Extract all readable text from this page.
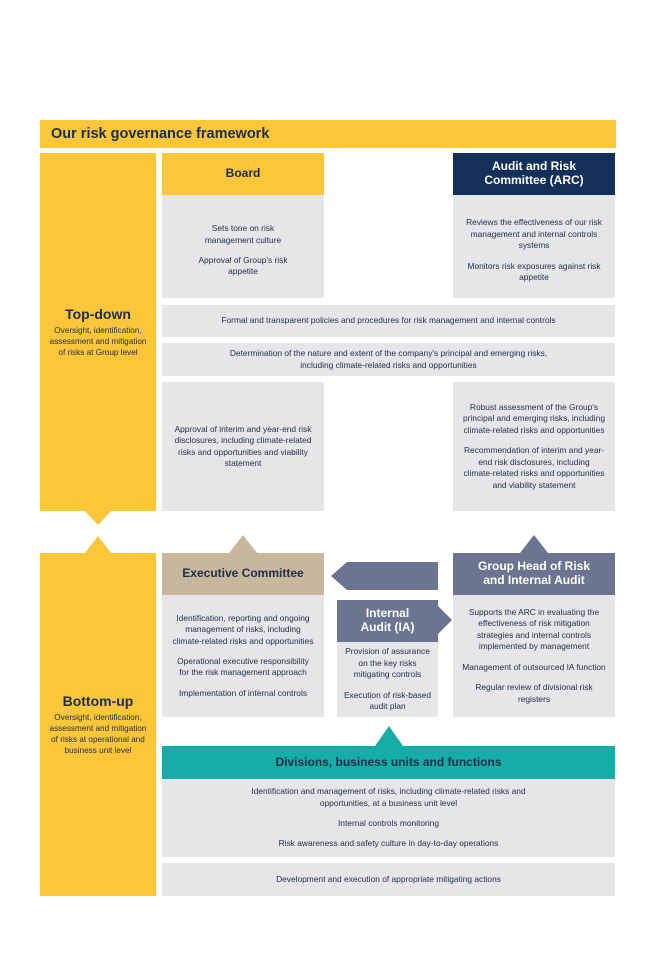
Our risk governance framework
Top-down
Oversight, identification, assessment and mitigation of risks at Group level
Bottom-up
Oversight, identification, assessment and mitigation of risks at operational and business unit level
Board

Sets tone on risk management culture

Approval of Group's risk appetite

Audit and Risk Committee (ARC)

Reviews the effectiveness of our risk management and internal controls systems

Monitors risk exposures against risk appetite

Formal and transparent policies and procedures for risk management and internal controls
Determination of the nature and extent of the company's principal and emerging risks, including climate-related risks and opportunities

Approval of interim and year-end risk disclosures, including climate-related risks and opportunities and viability statement

Robust assessment of the Group's principal and emerging risks, including climate-related risks and opportunities

Recommendation of interim and year-end risk disclosures, including climate-related risks and opportunities and viability statement

Executive Committee

Identification, reporting and ongoing management of risks, including climate-related risks and opportunities

Operational executive responsibility for the risk management approach

Implementation of internal controls

Internal Audit (IA)

Provision of assurance on the key risks mitigating controls

Execution of risk-based audit plan

Group Head of Risk and Internal Audit

Supports the ARC in evaluating the effectiveness of risk mitigation strategies and internal controls implemented by management

Management of outsourced IA function

Regular review of divisional risk registers

Divisions, business units and functions

Identification and management of risks, including climate-related risks and opportunities, at a business unit level

Internal controls monitoring

Risk awareness and safety culture in day-to-day operations

Development and execution of appropriate mitigating actions
